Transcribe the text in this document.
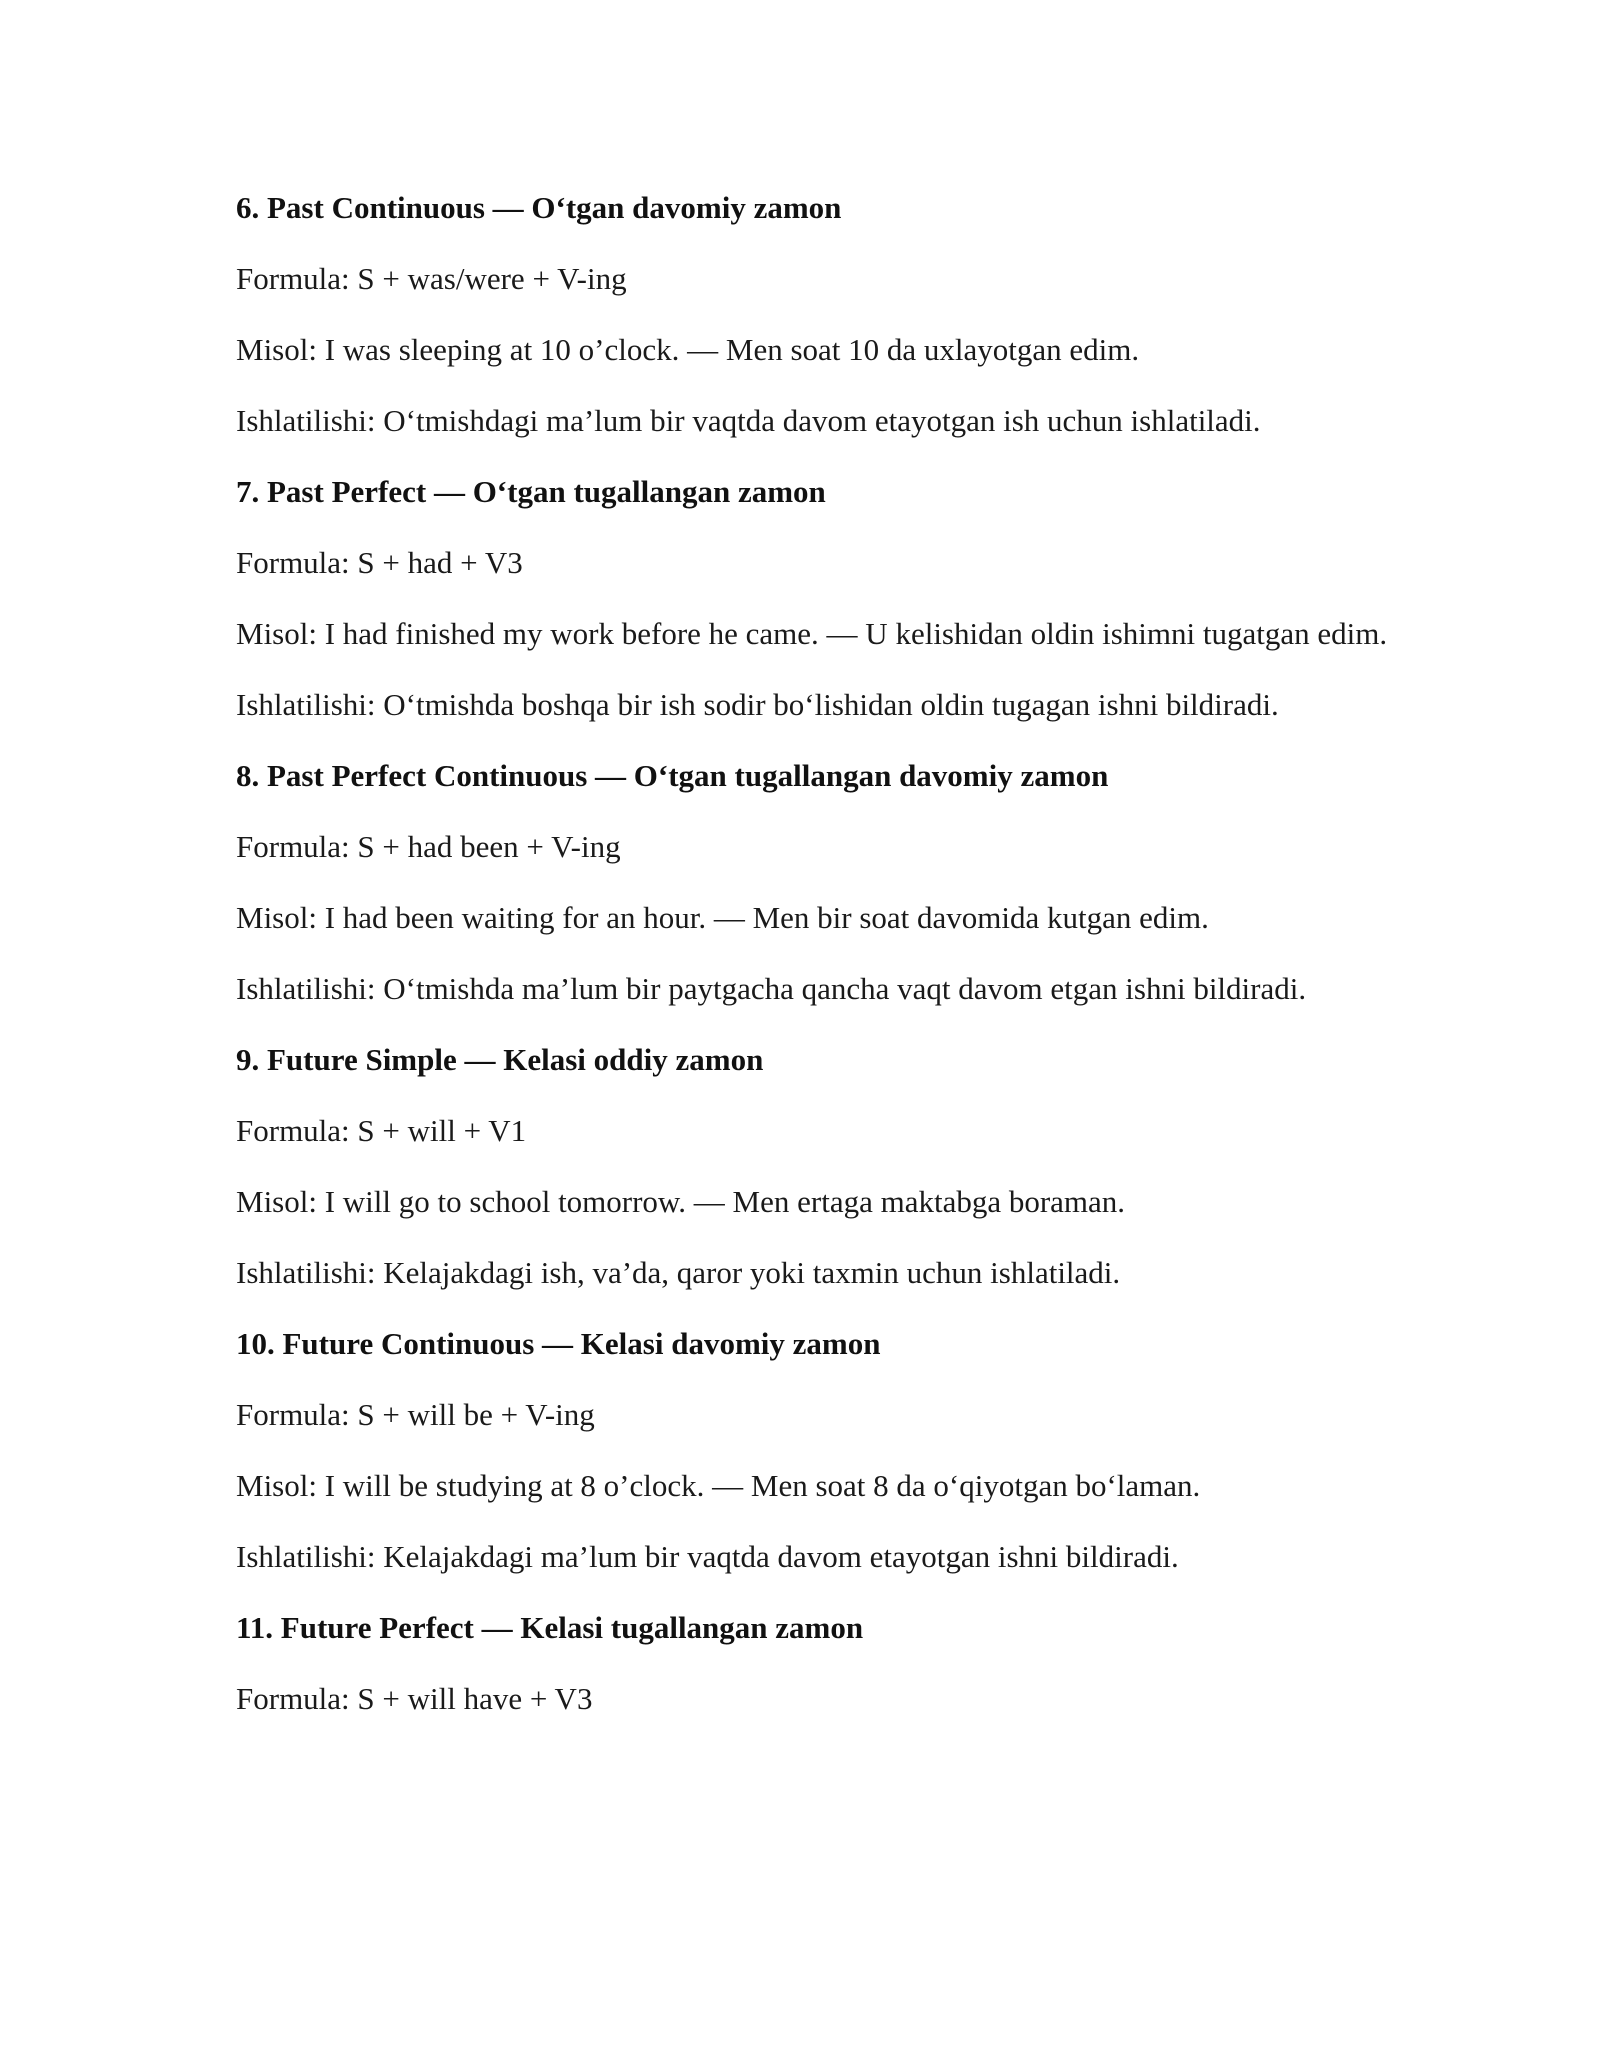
6. Past Continuous — O‘tgan davomiy zamon

Formula: S + was/were + V-ing

Misol: I was sleeping at 10 o’clock. — Men soat 10 da uxlayotgan edim.

Ishlatilishi: O‘tmishdagi ma’lum bir vaqtda davom etayotgan ish uchun ishlatiladi.

7. Past Perfect — O‘tgan tugallangan zamon

Formula: S + had + V3

Misol: I had finished my work before he came. — U kelishidan oldin ishimni tugatgan edim.

Ishlatilishi: O‘tmishda boshqa bir ish sodir bo‘lishidan oldin tugagan ishni bildiradi.

8. Past Perfect Continuous — O‘tgan tugallangan davomiy zamon

Formula: S + had been + V-ing

Misol: I had been waiting for an hour. — Men bir soat davomida kutgan edim.

Ishlatilishi: O‘tmishda ma’lum bir paytgacha qancha vaqt davom etgan ishni bildiradi.

9. Future Simple — Kelasi oddiy zamon

Formula: S + will + V1

Misol: I will go to school tomorrow. — Men ertaga maktabga boraman.

Ishlatilishi: Kelajakdagi ish, va’da, qaror yoki taxmin uchun ishlatiladi.

10. Future Continuous — Kelasi davomiy zamon

Formula: S + will be + V-ing

Misol: I will be studying at 8 o’clock. — Men soat 8 da o‘qiyotgan bo‘laman.

Ishlatilishi: Kelajakdagi ma’lum bir vaqtda davom etayotgan ishni bildiradi.

11. Future Perfect — Kelasi tugallangan zamon

Formula: S + will have + V3
